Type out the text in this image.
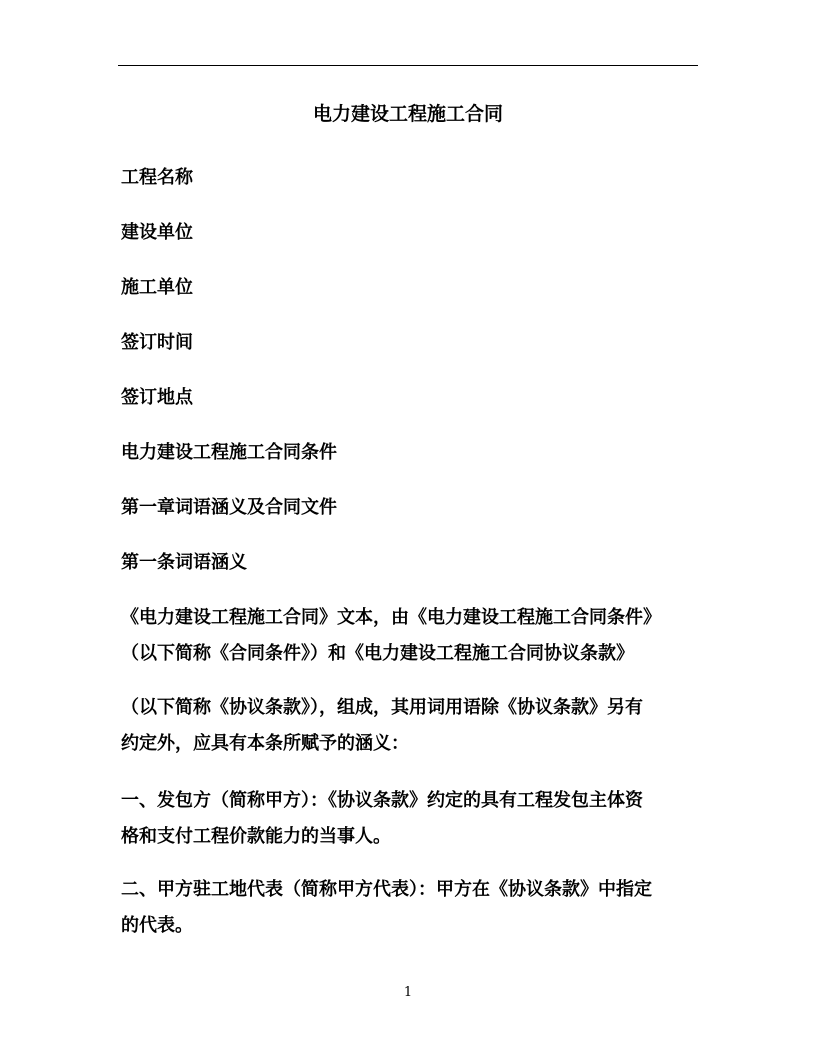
电力建设工程施工合同
工程名称
建设单位
施工单位
签订时间
签订地点
电力建设工程施工合同条件
第一章词语涵义及合同文件
第一条词语涵义
《电力建设工程施工合同》文本，由《电力建设工程施工合同条件》
（以下简称《合同条件》）和《电力建设工程施工合同协议条款》
（以下简称《协议条款》），组成，其用词用语除《协议条款》另有
约定外，应具有本条所赋予的涵义：
一、发包方（简称甲方）：《协议条款》约定的具有工程发包主体资
格和支付工程价款能力的当事人。
二、甲方驻工地代表（简称甲方代表）：甲方在《协议条款》中指定
的代表。
1
